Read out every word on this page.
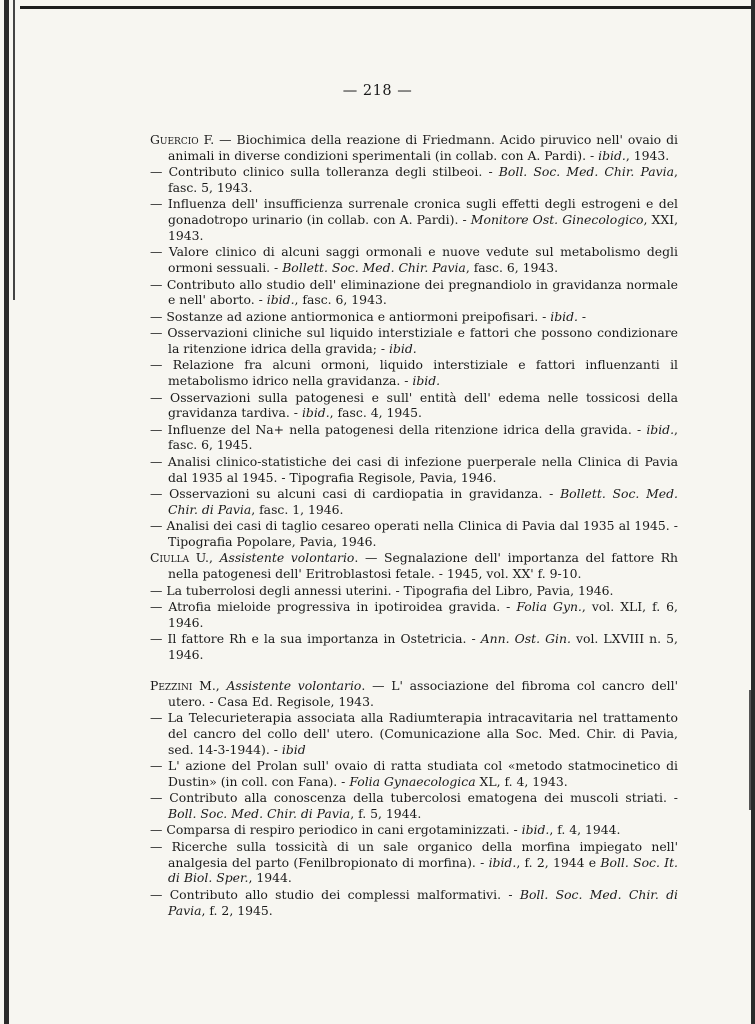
— 218 —

Guercio F. — Biochimica della reazione di Friedmann. Acido piruvico nell' ovaio di animali in diverse condizioni sperimentali (in collab. con A. Pardi). - ibid., 1943.

— Contributo clinico sulla tolleranza degli stilbeoi. - Boll. Soc. Med. Chir. Pavia, fasc. 5, 1943.

— Influenza dell' insufficienza surrenale cronica sugli effetti degli estrogeni e del gonadotropo urinario (in collab. con A. Pardi). - Monitore Ost. Ginecologico, XXI, 1943.

— Valore clinico di alcuni saggi ormonali e nuove vedute sul metabolismo degli ormoni sessuali. - Bollett. Soc. Med. Chir. Pavia, fasc. 6, 1943.

— Contributo allo studio dell' eliminazione dei pregnandiolo in gravidanza normale e nell' aborto. - ibid., fasc. 6, 1943.

— Sostanze ad azione antiormonica e antiormoni preipofisari. - ibid. -

— Osservazioni cliniche sul liquido interstiziale e fattori che possono condizionare la ritenzione idrica della gravida; - ibid.

— Relazione fra alcuni ormoni, liquido interstiziale e fattori influenzanti il metabolismo idrico nella gravidanza. - ibid.

— Osservazioni sulla patogenesi e sull' entità dell' edema nelle tossicosi della gravidanza tardiva. - ibid., fasc. 4, 1945.

— Influenze del Na+ nella patogenesi della ritenzione idrica della gravida. - ibid., fasc. 6, 1945.

— Analisi clinico-statistiche dei casi di infezione puerperale nella Clinica di Pavia dal 1935 al 1945. - Tipografia Regisole, Pavia, 1946.

— Osservazioni su alcuni casi di cardiopatia in gravidanza. - Bollett. Soc. Med. Chir. di Pavia, fasc. 1, 1946.

— Analisi dei casi di taglio cesareo operati nella Clinica di Pavia dal 1935 al 1945. - Tipografia Popolare, Pavia, 1946.

Ciulla U., Assistente volontario. — Segnalazione dell' importanza del fattore Rh nella patogenesi dell' Eritroblastosi fetale. - 1945, vol. XX' f. 9-10.

— La tuberrolosi degli annessi uterini. - Tipografia del Libro, Pavia, 1946.

— Atrofia mieloide progressiva in ipotiroidea gravida. - Folia Gyn., vol. XLI, f. 6, 1946.

— Il fattore Rh e la sua importanza in Ostetricia. - Ann. Ost. Gin. vol. LXVIII n. 5, 1946.

Pezzini M., Assistente volontario. — L' associazione del fibroma col cancro dell' utero. - Casa Ed. Regisole, 1943.

— La Telecurieterapia associata alla Radiumterapia intracavitaria nel trattamento del cancro del collo dell' utero. (Comunicazione alla Soc. Med. Chir. di Pavia, sed. 14-3-1944). - ibid

— L' azione del Prolan sull' ovaio di ratta studiata col «metodo statmocinetico di Dustin» (in coll. con Fana). - Folia Gynaecologica XL, f. 4, 1943.

— Contributo alla conoscenza della tubercolosi ematogena dei muscoli striati. - Boll. Soc. Med. Chir. di Pavia, f. 5, 1944.

— Comparsa di respiro periodico in cani ergotaminizzati. - ibid., f. 4, 1944.

— Ricerche sulla tossicità di un sale organico della morfina impiegato nell' analgesia del parto (Fenilbropionato di morfina). - ibid., f. 2, 1944 e Boll. Soc. It. di Biol. Sper., 1944.

— Contributo allo studio dei complessi malformativi. - Boll. Soc. Med. Chir. di Pavia, f. 2, 1945.
